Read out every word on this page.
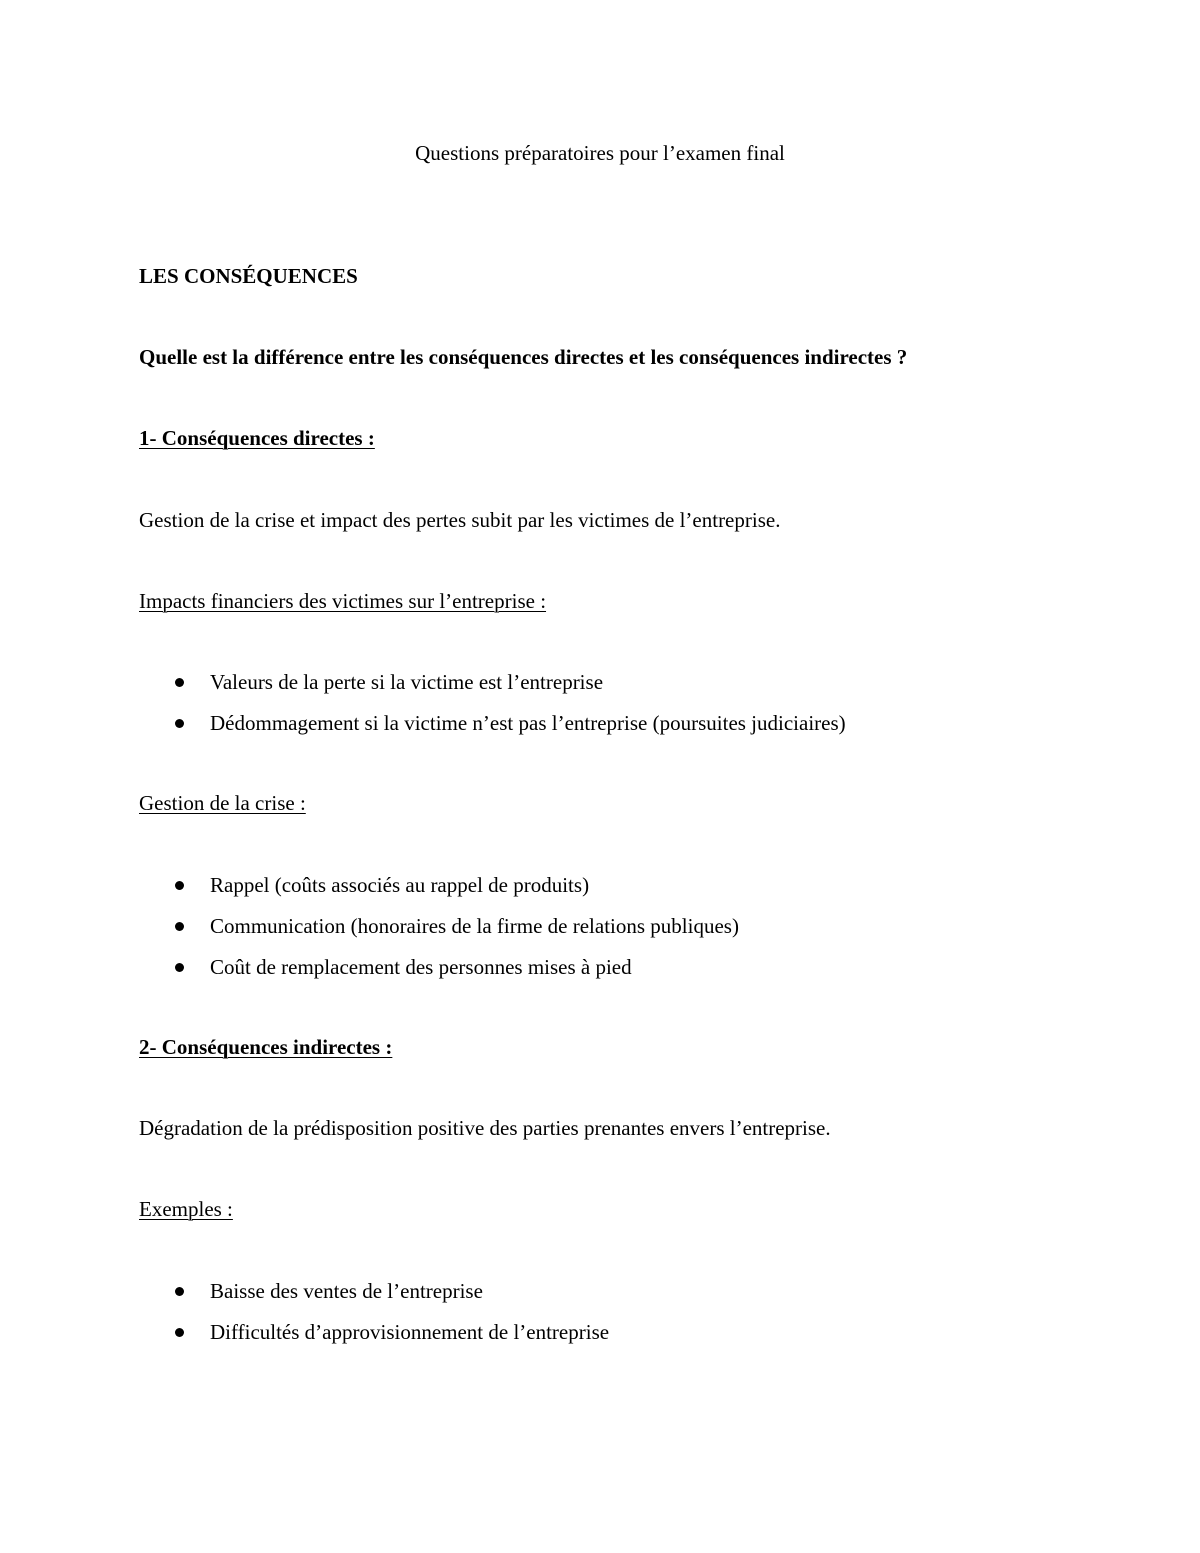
Questions préparatoires pour l’examen final

LES CONSÉQUENCES

Quelle est la différence entre les conséquences directes et les conséquences indirectes ?

1- Conséquences directes :

Gestion de la crise et impact des pertes subit par les victimes de l’entreprise.

Impacts financiers des victimes sur l’entreprise :

Valeurs de la perte si la victime est l’entreprise
Dédommagement si la victime n’est pas l’entreprise (poursuites judiciaires)

Gestion de la crise :

Rappel (coûts associés au rappel de produits)
Communication (honoraires de la firme de relations publiques)
Coût de remplacement des personnes mises à pied

2- Conséquences indirectes :

Dégradation de la prédisposition positive des parties prenantes envers l’entreprise.

Exemples :

Baisse des ventes de l’entreprise
Difficultés d’approvisionnement de l’entreprise
